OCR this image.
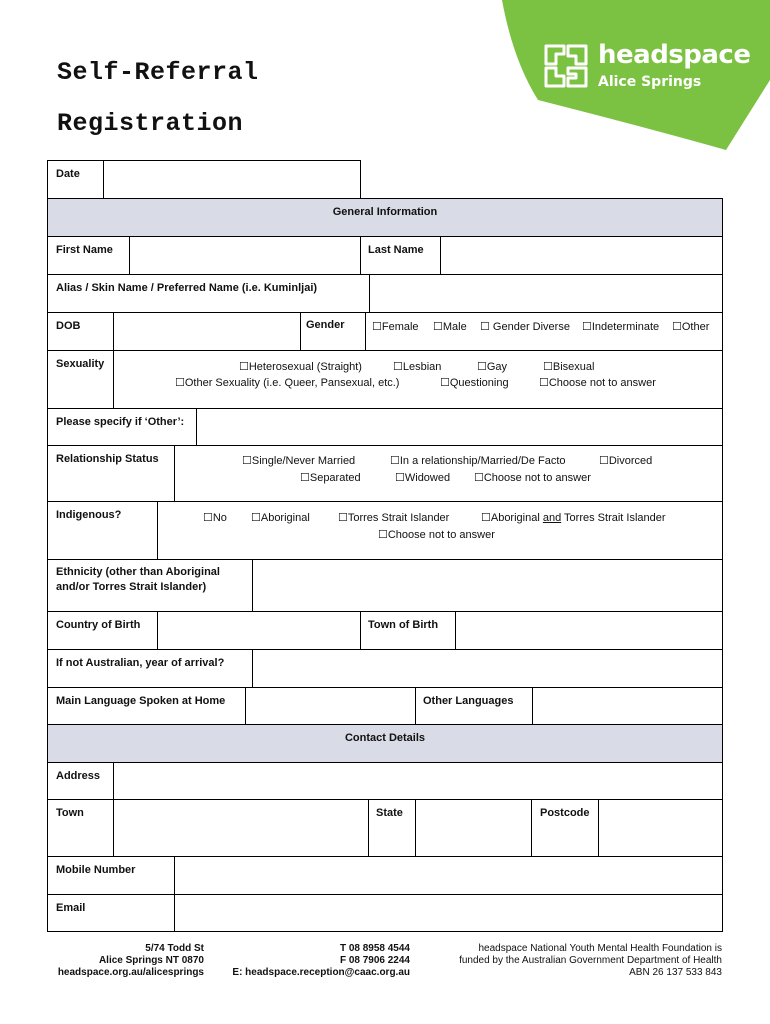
Self-Referral
Registration
headspace
Alice Springs
Date
General Information
First Name	Last Name
Alias / Skin Name / Preferred Name (i.e. Kuminljai)
DOB	Gender ☐Female ☐Male ☐ Gender Diverse ☐Indeterminate ☐Other
Sexuality	☐Heterosexual (Straight)	☐Lesbian	☐Gay	☐Bisexual
☐Other Sexuality (i.e. Queer, Pansexual, etc.)	☐Questioning	☐Choose not to answer
Please specify if ‘Other’:
Relationship Status	☐Single/Never Married	☐In a relationship/Married/De Facto	☐Divorced
☐Separated	☐Widowed ☐Choose not to answer
Indigenous?	☐No ☐Aboriginal	☐Torres Strait Islander	☐Aboriginal and Torres Strait Islander
☐Choose not to answer
Ethnicity (other than Aboriginal
and/or Torres Strait Islander)
Country of Birth	Town of Birth
If not Australian, year of arrival?
Main Language Spoken at Home	Other Languages
Contact Details
Address
Town	State	Postcode
Mobile Number
Email
5/74 Todd St
Alice Springs NT 0870
headspace.org.au/alicesprings
T 08 8958 4544
F 08 7906 2244
E: headspace.reception@caac.org.au
headspace National Youth Mental Health Foundation is
funded by the Australian Government Department of Health
ABN 26 137 533 843
